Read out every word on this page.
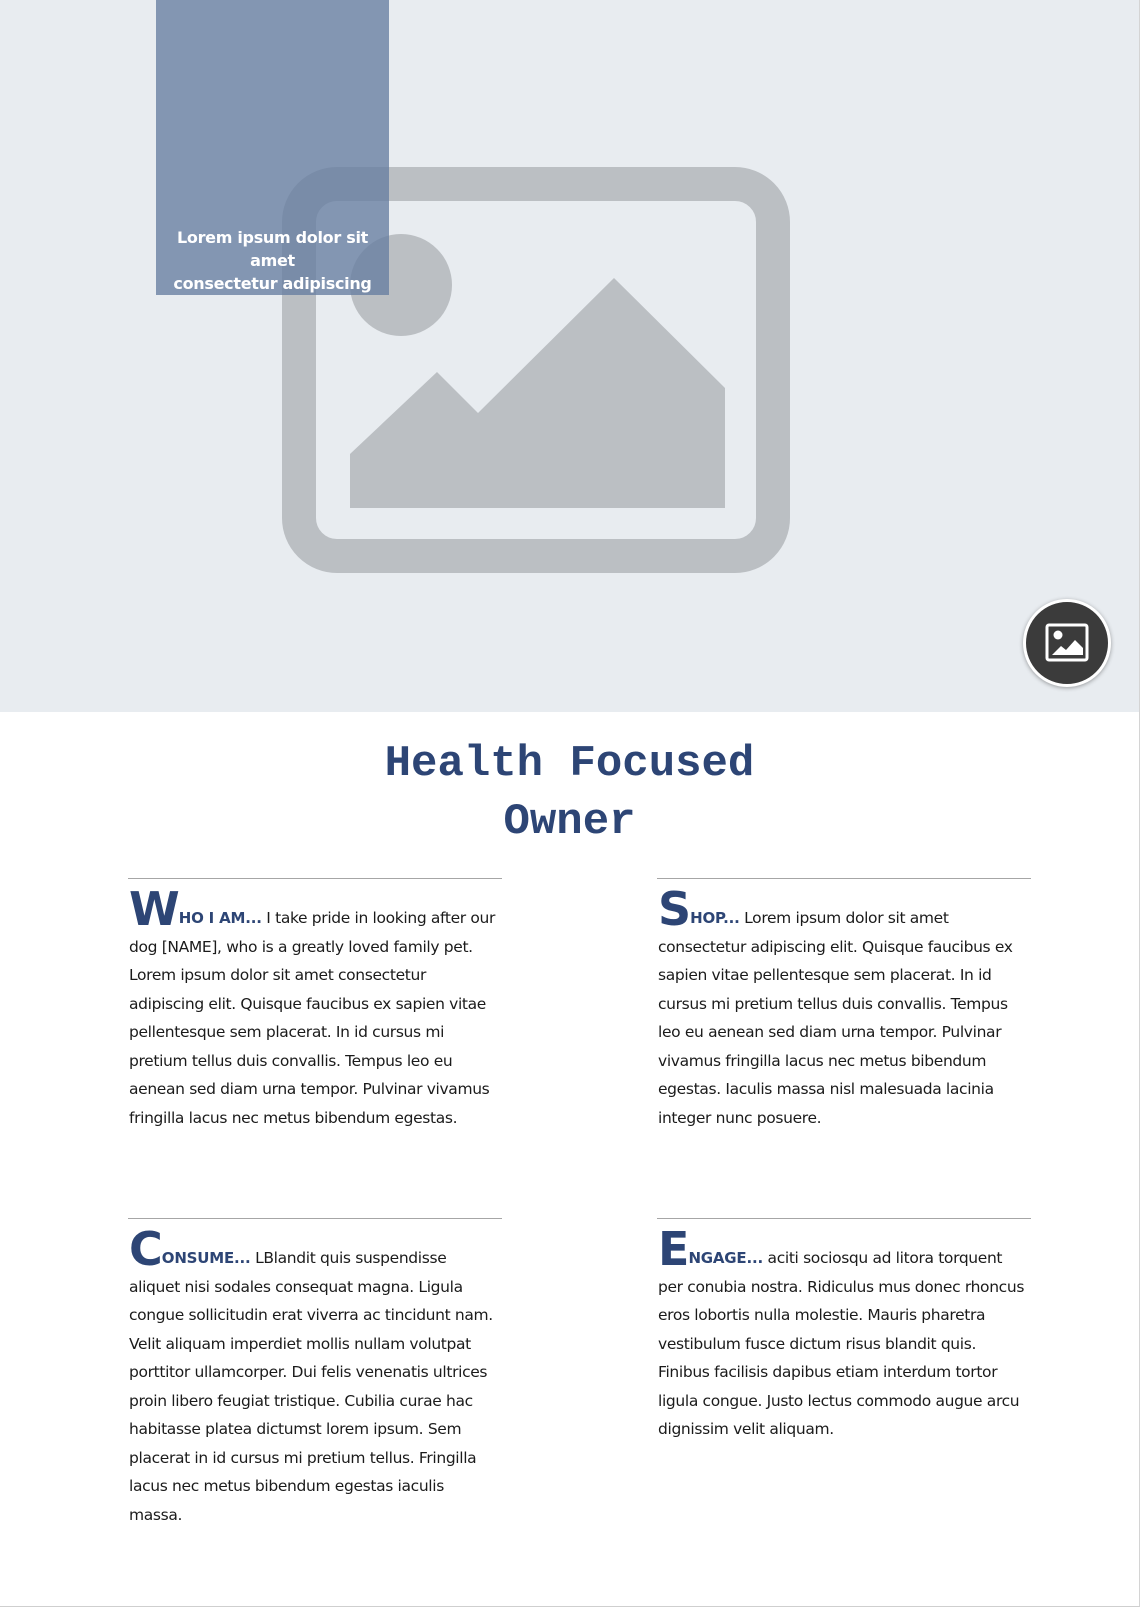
Lorem ipsum dolor sit amet
consectetur adipiscing
Health Focused
Owner

WHO I AM... I take pride in looking after our dog [NAME], who is a greatly loved family pet. Lorem ipsum dolor sit amet consectetur adipiscing elit. Quisque faucibus ex sapien vitae pellentesque sem placerat. In id cursus mi pretium tellus duis convallis. Tempus leo eu aenean sed diam urna tempor. Pulvinar vivamus fringilla lacus nec metus bibendum egestas.

SHOP... Lorem ipsum dolor sit amet consectetur adipiscing elit. Quisque faucibus ex sapien vitae pellentesque sem placerat. In id cursus mi pretium tellus duis convallis. Tempus leo eu aenean sed diam urna tempor. Pulvinar vivamus fringilla lacus nec metus bibendum egestas. Iaculis massa nisl malesuada lacinia integer nunc posuere.

CONSUME... LBlandit quis suspendisse aliquet nisi sodales consequat magna. Ligula congue sollicitudin erat viverra ac tincidunt nam. Velit aliquam imperdiet mollis nullam volutpat porttitor ullamcorper. Dui felis venenatis ultrices proin libero feugiat tristique. Cubilia curae hac habitasse platea dictumst lorem ipsum. Sem placerat in id cursus mi pretium tellus. Fringilla lacus nec metus bibendum egestas iaculis massa.

ENGAGE... aciti sociosqu ad litora torquent per conubia nostra. Ridiculus mus donec rhoncus eros lobortis nulla molestie. Mauris pharetra vestibulum fusce dictum risus blandit quis. Finibus facilisis dapibus etiam interdum tortor ligula congue. Justo lectus commodo augue arcu dignissim velit aliquam.
